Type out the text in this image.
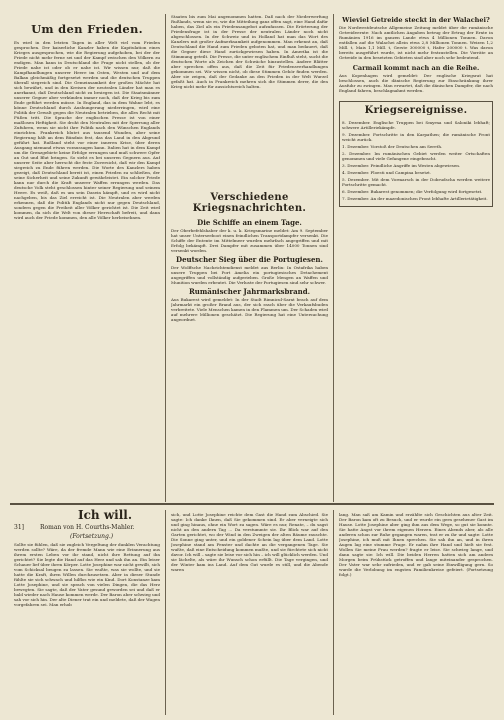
Um den Frieden.

Es wird in den letzten Tagen in aller Welt viel vom Frieden gesprochen. Der kaiserliche Kanzler haben die Kapitulation eines Krieges ausgesprochen, wie die Regierung aufgehoben, bei der der Friede nicht mehr ferne sei und der Kampf zwischen den Völkern zu endigen. Man kann in Deutschland die Frage nicht stellen, ob der Friede nahe ist oder ob er nahe ist. Wir wissen nur, daß die Kampfhandlungen unserer Heere im Osten, Westen und auf dem Balkan gleichmäßig fortgesetzt werden und die deutschen Truppen überall siegreich sind. Die Gemeinsamkeit der großen Mächte hat sich bewährt, und in den Kreisen der neutralen Länder hat man es anerkannt, daß Deutschland nicht zu besiegen ist. Die Staatsmänner unserer Gegner aber verkünden immer noch, daß der Krieg bis zum Ende geführt werden müsse. In England, das in dem Wahne lebt, es könne Deutschland durch Aushungerung niederringen, wird eine Politik der Gewalt gegen die Neutralen betrieben, die alles Recht mit Füßen tritt. Die Sprache der englischen Presse ist von einer maßlosen Heftigkeit. Sie droht den Neutralen mit der Sperrung aller Zufuhren, wenn sie nicht ihre Politik nach den Wünschen Englands einrichten. Frankreich blutet aus tausend Wunden, aber seine Regierung hält an dem Bündnis fest, das das Land in den Abgrund geführt hat. Rußland steht vor einer inneren Krise, über deren Ausgang niemand etwas voraussagen kann. Italien hat in dem Kampf um die Grenzgebiete keine Erfolge errungen und muß schwere Opfer an Gut und Blut bringen. So sieht es bei unseren Gegnern aus. Auf unserer Seite aber herrscht die feste Zuversicht, daß wir den Kampf siegreich zu Ende führen werden. Die Worte des Kanzlers haben gezeigt, daß Deutschland bereit ist, einen Frieden zu schließen, der seine Sicherheit und seine Zukunft gewährleistet. Ein solcher Friede kann nur durch die Kraft unserer Waffen errungen werden. Das deutsche Volk steht geschlossen hinter seiner Regierung und seinem Heere. Es weiß, daß es um sein Dasein kämpft, und es wird nicht nachgeben, bis das Ziel erreicht ist. Die Neutralen aber werden erkennen, daß die Politik Englands nicht nur gegen Deutschland, sondern gegen die Freiheit aller Völker gerichtet ist. Die Zeit wird kommen, da sich die Welt von dieser Herrschaft befreit, und dann wird auch der Friede kommen, den alle Völker herbeisehnen.

Staaten bis zum Mai angenommen hatten. Daß nach der Niederwerfung Rußlands, wenn sie es, wie die Mitteilung ganz offen sagt, eine Hand dafür haben, das Ziel als ein Friedensangebot aufzufassen. Die Erörterung der Friedensfrage ist in der Presse der neutralen Länder noch nicht abgeschlossen. In der Schweiz und in Holland hat man das Wort des Kanzlers mit großer Aufmerksamkeit aufgenommen. Man erkennt an, daß Deutschland die Hand zum Frieden geboten hat, und man bedauert, daß die Gegner diese Hand zurückgewiesen haben. In Amerika ist die Stimmung geteilt. Die Presse, die unter englischem Einfluß steht, sucht die deutschen Worte als Zeichen der Schwäche hinzustellen. Andere Blätter aber sprechen offen aus, daß die Zeit für Friedensverhandlungen gekommen sei. Wir wissen nicht, ob diese Stimmen Gehör finden werden. Aber sie zeigen, daß der Gedanke an den Frieden in der Welt Wurzel gefaßt hat. Auch in Frankreich mehren sich die Stimmen derer, die den Krieg nicht mehr für aussichtsreich halten.

Verschiedene Kriegsnachrichten.
Die Schiffe an einem Tage.

Der Oberbefehlshaber der k. u. k. Kriegsmarine meldet: Am 9. September hat unser Unterseeboot einen feindlichen Transportdampfer versenkt. Die Schiffe der Entente im Mittelmeer wurden mehrfach angegriffen und mit Erfolg bekämpft. Drei Dampfer mit zusammen über 14000 Tonnen sind versenkt worden.

Deutscher Sieg über die Portugiesen.

Der Wolffsche Nachrichtendienst meldet aus Berlin: In Ostafrika haben unsere Truppen bei Port Amelia ein portugiesisches Detachement angegriffen und vollständig aufgerieben. Große Mengen an Waffen und Munition wurden erbeutet. Die Verluste der Portugiesen sind sehr schwer.

Rumänischer Jahrmarksbrand.

Aus Bukarest wird gemeldet: In der Stadt Rimnicul-Sarat brach auf dem Jahrmarkt ein großer Brand aus, der sich rasch über die Verkaufsbuden verbreitete. Viele Menschen kamen in den Flammen um. Der Schaden wird auf mehrere Millionen geschätzt. Die Regierung hat eine Untersuchung angeordnet.

Wieviel Getreide steckt in der Walachei?

Die Nordwestdeutsche Allgemeine Zeitung meldet über die rumänische Getreideernte: Nach amtlichen Angaben betrug der Ertrag der Ernte in Rumänien 1916 im ganzen Lande etwa 4 Millionen Tonnen. Davon entfallen auf die Walachei allein etwa 2,8 Millionen Tonnen. Weizen 1,2 Mill. t, Mais 1,1 Mill. t, Gerste 300000 t, Hafer 200000 t. Was davon bereits ausgeführt wurde, ist nicht mehr festzustellen. Die Vorräte an Getreide in den besetzten Gebieten sind aber noch sehr bedeutend.

Carmail kommt nach an die Reihe.

Aus Kopenhagen wird gemeldet: Der englische Kriegsrat hat beschlossen, auch die dänische Regierung zur Einschränkung ihrer Ausfuhr zu zwingen. Man erwartet, daß die dänischen Dampfer, die nach England fahren, beschlagnahmt werden.

Kriegsereignisse.

8. Dezember. Englische Truppen bei Smyrna und Saloniki lebhaft; schwere Artilleriekämpfe.

9. Dezember. Fortschritte in den Karpathen; die rumänische Front weicht zurück.

1. Dezember. Vorstoß der Deutschen am Sereth.

2. Dezember. Im rumänischen Gebiet werden weiter Ortschaften genommen und viele Gefangene eingebracht.

3. Dezember. Feindliche Angriffe im Westen abgewiesen.

4. Dezember. Ploesti und Campina besetzt.

5. Dezember. Mit dem Vormarsch in der Dobrudscha werden weitere Fortschritte gemacht.

6. Dezember. Bukarest genommen; die Verfolgung wird fortgesetzt.

7. Dezember. An der mazedonischen Front lebhafte Artillerietätigkeit.

Ich will.
31]	Roman von H. Courths-Mahler.
(Fortsetzung.)

Sollte sie fühlen, daß sie zugleich Vergeltung der dunklen Verachtung werden sollte? Wäre, da der fremde Mann wie eine Erinnerung aus ihrem ersten Leben vor ihr stand, nicht ihre Rettung auf ihn gerichtet? Sie legte die Hand auf das Herz und sah ihn an. Ein leiser Schauer lief über ihren Körper. Lotte Josephine war nicht gewillt, sich vom Schicksal beugen zu lassen. Sie wußte, was sie wollte, und sie hatte die Kraft, ihren Willen durchzusetzen. Aber in dieser Stunde fühlte sie sich schwach und hilflos wie ein Kind. Dort Konstanze kam Lotte Josephine, und sie sprach von vielen Dingen, die das Herz bewegten. Sie sagte, daß der Vater gesund geworden sei und daß er bald wieder nach Hause kommen werde. Der Baron aber schwieg und sah vor sich hin. Der alte Diener trat ein und meldete, daß der Wagen vorgefahren sei. Man erhob

sich, und Lotte Josephine reichte dem Gast die Hand zum Abschied. Sie sagte: Ich danke Ihnen, daß Sie gekommen sind. Er aber verneigte sich und ging hinaus, ohne ein Wort zu sagen. Wäre es nur, Renate, – du sagst nicht an den andern Tag ... Da verstummte sie. Ihr Blick war auf den Garten gerichtet, wo der Wind in den Zweigen der alten Bäume rauschte. Die Sonne ging unter, und ein goldener Schein lag über dem Land. Lotte Josephine stand am Fenster und dachte an die vergangenen Tage. Sie wußte, daß eine Entscheidung kommen mußte, und sie fürchtete sich nicht davor. Ich will – sagte sie leise vor sich hin – ich will glücklich werden. Und sie lächelte, als wäre ihr Wunsch schon erfüllt. Die Tage vergingen, und der Winter kam ins Land. Auf dem Gut wurde es still, und die Abende waren

lang. Man saß am Kamin und erzählte sich Geschichten aus alter Zeit. Der Baron kam oft zu Besuch, und er wurde ein gern gesehener Gast im Hause. Lotte Josephine aber ging ihm aus dem Wege, so gut sie konnte. Sie hatte Angst vor ihrem eigenen Herzen. Eines Abends aber, als alle anderen schon zur Ruhe gegangen waren, trat er zu ihr und sagte: Lotte Josephine, ich muß mit Ihnen sprechen. Sie sah ihn an, und in ihren Augen lag eine stumme Frage. Er nahm ihre Hand und hielt sie fest. Wollen Sie meine Frau werden? fragte er leise. Sie schwieg lange, und dann sagte sie: Ich will. Die beiden Herren hatten sich am andern Morgen beim Frühstück getroffen und lange miteinander gesprochen. Der Vater war sehr zufrieden, und er gab seine Einwilligung gern. So wurde die Verlobung im engsten Familienkreise gefeiert. (Fortsetzung folgt.)
